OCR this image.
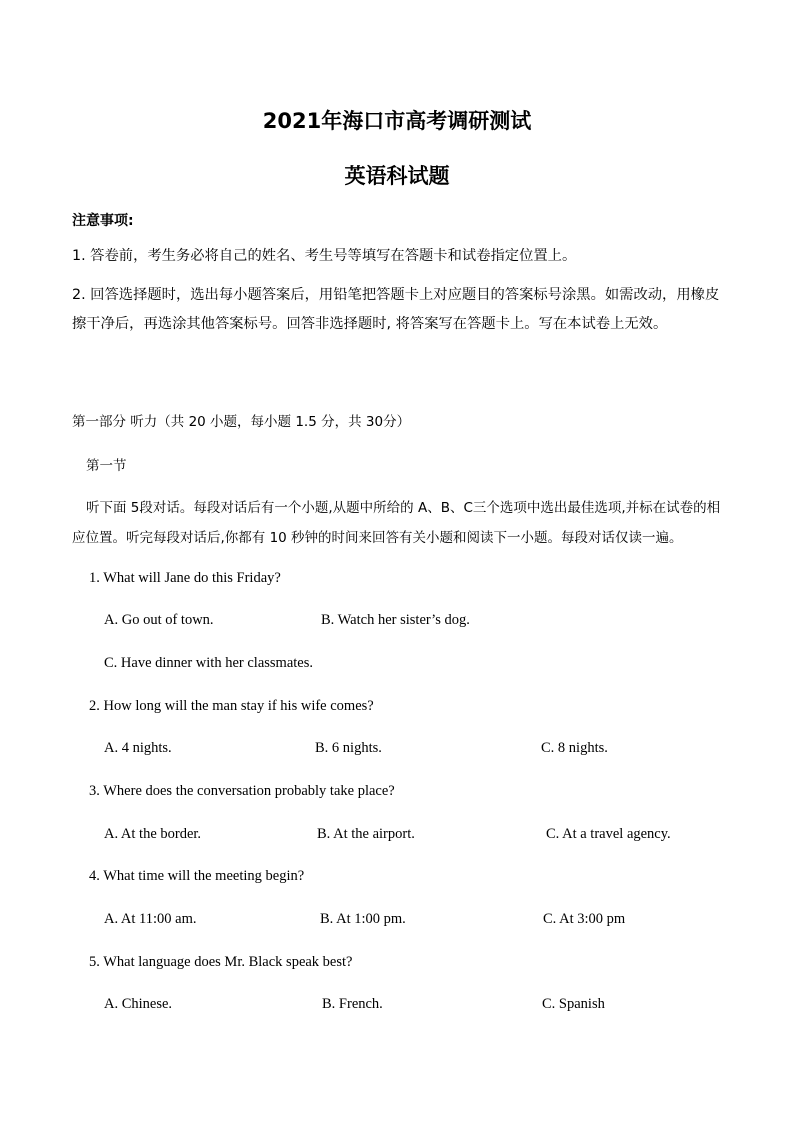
2021年海口市高考调研测试
英语科试题
注意事项:
1. 答卷前，考生务必将自己的姓名、考生号等填写在答题卡和试卷指定位置上。
2. 回答选择题时，选出每小题答案后，用铅笔把答题卡上对应题目的答案标号涂黑。如需改动，用橡皮擦干净后，再选涂其他答案标号。回答非选择题时, 将答案写在答题卡上。写在本试卷上无效。
第一部分 听力（共 20 小题，每小题 1.5 分，共 30分）
第一节
听下面 5段对话。每段对话后有一个小题,从题中所给的 A、B、C三个选项中选出最佳选项,并标在试卷的相应位置。听完每段对话后,你都有 10 秒钟的时间来回答有关小题和阅读下一小题。每段对话仅读一遍。
1. What will Jane do this Friday?
A. Go out of town.	B. Watch her sister’s dog.
C. Have dinner with her classmates.
2. How long will the man stay if his wife comes?
A. 4 nights.	B. 6 nights.	C. 8 nights.
3. Where does the conversation probably take place?
A. At the border.	B. At the airport.	C. At a travel agency.
4. What time will the meeting begin?
A. At 11:00 am.	B. At 1:00 pm.	C. At 3:00 pm
5. What language does Mr. Black speak best?
A. Chinese.	B. French.	C. Spanish
